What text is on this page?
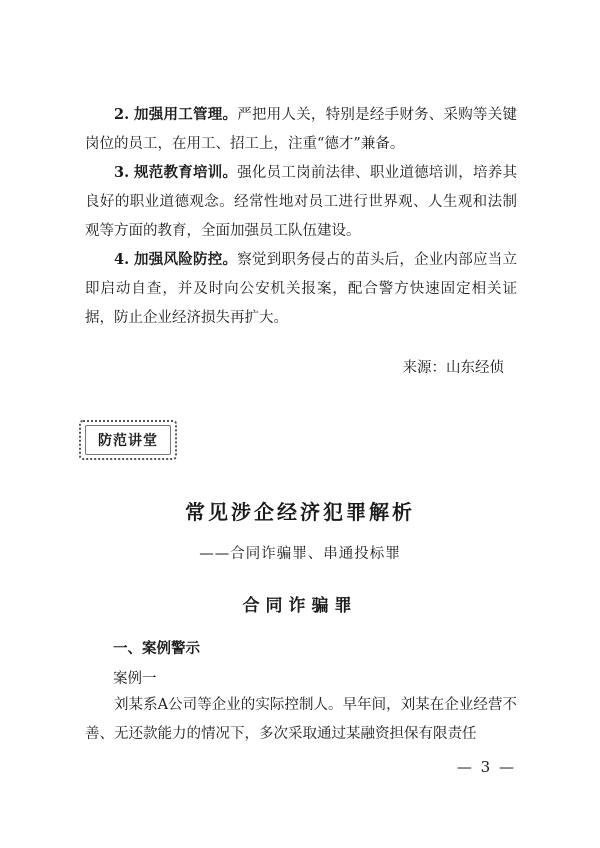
2. 加强用工管理。严把用人关，特别是经手财务、采购等关键岗位的员工，在用工、招工上，注重“德才”兼备。

3. 规范教育培训。强化员工岗前法律、职业道德培训，培养其良好的职业道德观念。经常性地对员工进行世界观、人生观和法制观等方面的教育，全面加强员工队伍建设。

4. 加强风险防控。察觉到职务侵占的苗头后，企业内部应当立即启动自查，并及时向公安机关报案，配合警方快速固定相关证据，防止企业经济损失再扩大。

来源：山东经侦
防范讲堂
常见涉企经济犯罪解析
——合同诈骗罪、串通投标罪
合同诈骗罪
一、案例警示
案例一

刘某系A公司等企业的实际控制人。早年间，刘某在企业经营不善、无还款能力的情况下，多次采取通过某融资担保有限责任

— 3 —
